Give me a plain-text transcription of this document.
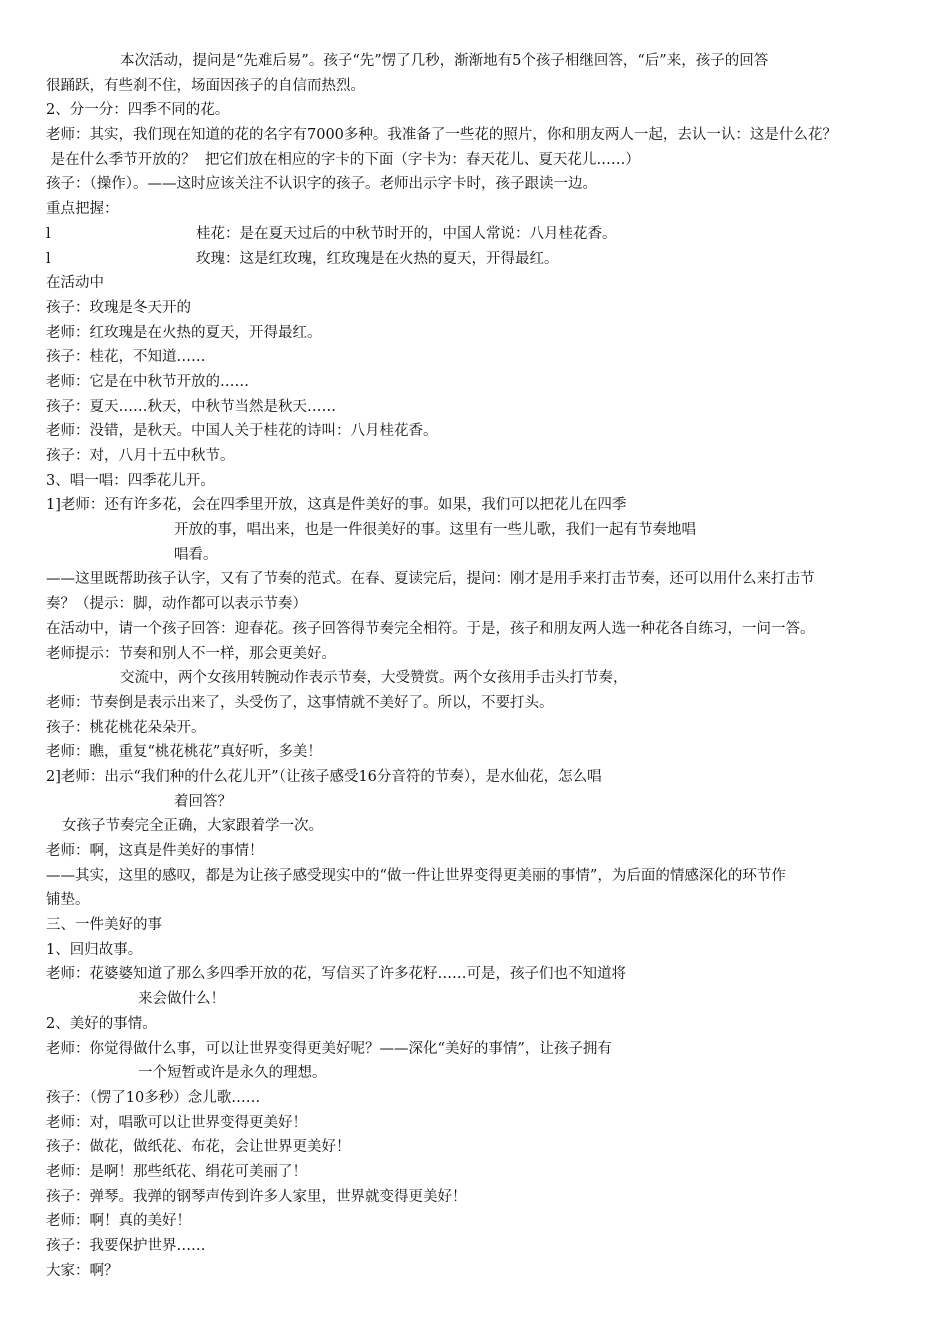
本次活动，提问是“先难后易”。孩子“先”愣了几秒，渐渐地有5个孩子相继回答，“后”来，孩子的回答
很踊跃，有些刹不住，场面因孩子的自信而热烈。
2、分一分：四季不同的花。
老师：其实，我们现在知道的花的名字有7000多种。我准备了一些花的照片，你和朋友两人一起，去认一认：这是什么花？
是在什么季节开放的？  把它们放在相应的字卡的下面（字卡为：春天花儿、夏天花儿……）
孩子：（操作）。——这时应该关注不认识字的孩子。老师出示字卡时，孩子跟读一边。
重点把握：
l	桂花：是在夏天过后的中秋节时开的，中国人常说：八月桂花香。
l	玫瑰：这是红玫瑰，红玫瑰是在火热的夏天，开得最红。
在活动中
孩子：玫瑰是冬天开的
老师：红玫瑰是在火热的夏天，开得最红。
孩子：桂花，不知道……
老师：它是在中秋节开放的……
孩子：夏天……秋天，中秋节当然是秋天……
老师：没错，是秋天。中国人关于桂花的诗叫：八月桂花香。
孩子：对，八月十五中秋节。
3、唱一唱：四季花儿开。
1]老师：还有许多花，会在四季里开放，这真是件美好的事。如果，我们可以把花儿在四季
开放的事，唱出来，也是一件很美好的事。这里有一些儿歌，我们一起有节奏地唱
唱看。
——这里既帮助孩子认字，又有了节奏的范式。在春、夏读完后，提问：刚才是用手来打击节奏，还可以用什么来打击节
奏？（提示：脚，动作都可以表示节奏）
在活动中，请一个孩子回答：迎春花。孩子回答得节奏完全相符。于是，孩子和朋友两人选一种花各自练习，一问一答。
老师提示：节奏和别人不一样，那会更美好。
交流中，两个女孩用转腕动作表示节奏，大受赞赏。两个女孩用手击头打节奏，
老师：节奏倒是表示出来了，头受伤了，这事情就不美好了。所以，不要打头。
孩子：桃花桃花朵朵开。
老师：瞧，重复“桃花桃花”真好听，多美！
2]老师：出示“我们种的什么花儿开”（让孩子感受16分音符的节奏），是水仙花，怎么唱
着回答？
女孩子节奏完全正确，大家跟着学一次。
老师：啊，这真是件美好的事情！
——其实，这里的感叹，都是为让孩子感受现实中的“做一件让世界变得更美丽的事情”，为后面的情感深化的环节作
铺垫。
三、一件美好的事
1、回归故事。
老师：花婆婆知道了那么多四季开放的花，写信买了许多花籽……可是，孩子们也不知道将
来会做什么！
2、美好的事情。
老师：你觉得做什么事，可以让世界变得更美好呢？——深化“美好的事情”，让孩子拥有
一个短暂或许是永久的理想。
孩子：（愣了10多秒）念儿歌……
老师：对，唱歌可以让世界变得更美好！
孩子：做花，做纸花、布花，会让世界更美好！
老师：是啊！那些纸花、绢花可美丽了！
孩子：弹琴。我弹的钢琴声传到许多人家里，世界就变得更美好！
老师：啊！真的美好！
孩子：我要保护世界……
大家：啊？
